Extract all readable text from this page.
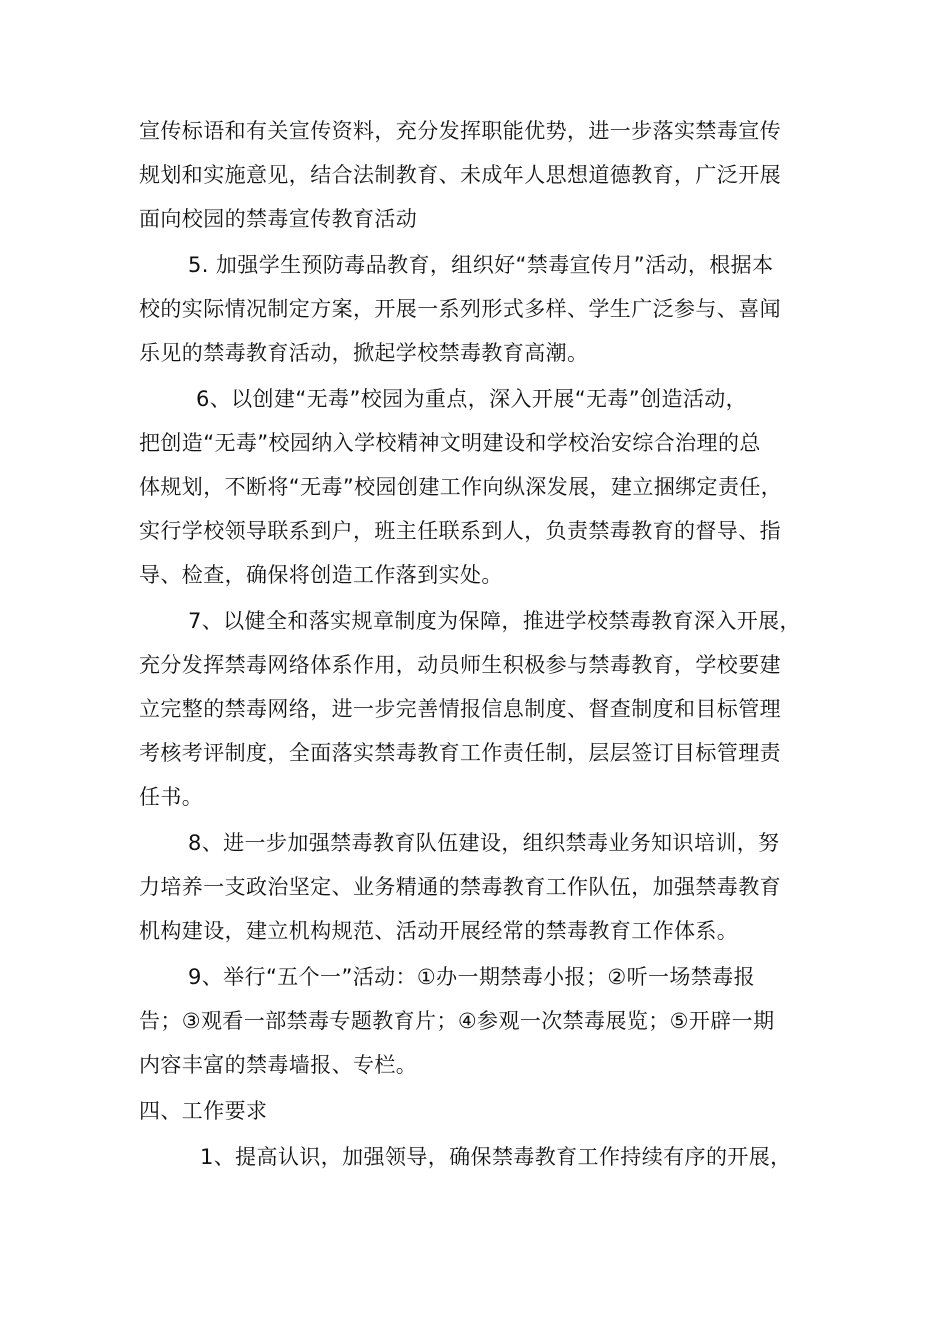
宣传标语和有关宣传资料，充分发挥职能优势，进一步落实禁毒宣传
规划和实施意见，结合法制教育、未成年人思想道德教育，广泛开展
面向校园的禁毒宣传教育活动
5. 加强学生预防毒品教育，组织好“禁毒宣传月”活动，根据本
校的实际情况制定方案，开展一系列形式多样、学生广泛参与、喜闻
乐见的禁毒教育活动，掀起学校禁毒教育高潮。
6、以创建“无毒”校园为重点，深入开展“无毒”创造活动，
把创造“无毒”校园纳入学校精神文明建设和学校治安综合治理的总
体规划，不断将“无毒”校园创建工作向纵深发展，建立捆绑定责任，
实行学校领导联系到户，班主任联系到人，负责禁毒教育的督导、指
导、检查，确保将创造工作落到实处。
7、以健全和落实规章制度为保障，推进学校禁毒教育深入开展，
充分发挥禁毒网络体系作用，动员师生积极参与禁毒教育，学校要建
立完整的禁毒网络，进一步完善情报信息制度、督查制度和目标管理
考核考评制度，全面落实禁毒教育工作责任制，层层签订目标管理责
任书。
8、进一步加强禁毒教育队伍建设，组织禁毒业务知识培训，努
力培养一支政治坚定、业务精通的禁毒教育工作队伍，加强禁毒教育
机构建设，建立机构规范、活动开展经常的禁毒教育工作体系。
9、举行“五个一”活动：①办一期禁毒小报；②听一场禁毒报
告；③观看一部禁毒专题教育片；④参观一次禁毒展览；⑤开辟一期
内容丰富的禁毒墙报、专栏。
四、工作要求
1、提高认识，加强领导，确保禁毒教育工作持续有序的开展，
